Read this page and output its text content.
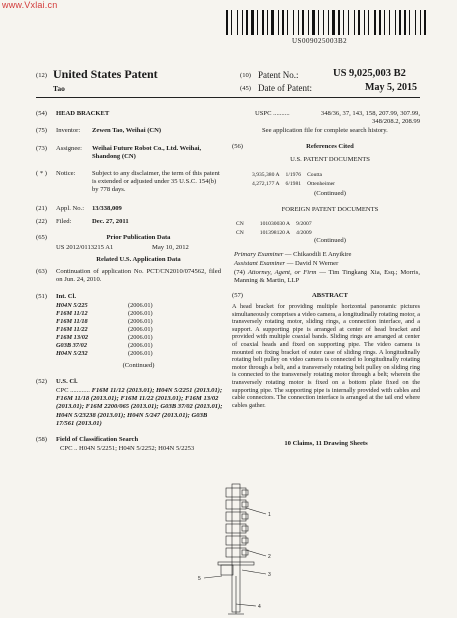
www.Vxlai.cn
US009025003B2
(12) United States Patent
Tao
(10) Patent No.:	US 9,025,003 B2
(45) Date of Patent:	May 5, 2015
(54) HEAD BRACKET
(75) Inventor: Zewen Tao, Weihai (CN)
(73) Assignee: Weihai Future Robot Co., Ltd. Weihai, Shandong (CN)
( * ) Notice:	Subject to any disclaimer, the term of this patent is extended or adjusted under 35 U.S.C. 154(b) by 778 days.
(21) Appl. No.: 13/338,009
(22) Filed:	Dec. 27, 2011
(65)	Prior Publication Data
US 2012/0113215 A1	May 10, 2012
Related U.S. Application Data
(63) Continuation of application No. PCT/CN2010/074562, filed on Jun. 24, 2010.
(51) Int. Cl.
H04N 5/225	(2006.01)
F16M 11/12	(2006.01)
F16M 11/18	(2006.01)
F16M 11/22	(2006.01)
F16M 13/02	(2006.01)
G03B 37/02	(2006.01)
H04N 5/232	(2006.01)
(Continued)
(52) U.S. Cl.
CPC ............ F16M 11/12 (2013.01); H04N 5/2251 (2013.01); F16M 11/18 (2013.01); F16M 11/22 (2013.01); F16M 13/02 (2013.01); F16M 2200/065 (2013.01); G03B 37/02 (2013.01); H04N 5/23238 (2013.01); H04N 5/247 (2013.01); G03B 17/561 (2013.01)
(58) Field of Classification Search
CPC .. H04N 5/2251; H04N 5/2252; H04N 5/2253
USPC ..........	348/36, 37, 143, 158, 207.99, 307.99, 348/208.2, 208.99
See application file for complete search history.
(56)	References Cited
U.S. PATENT DOCUMENTS
3,935,380 A	1/1976	Coutta
4,272,177 A	6/1981	Ottenheimer
(Continued)
FOREIGN PATENT DOCUMENTS
CN	101030030 A	9/2007
CN	101398120 A	4/2009
(Continued)
Primary Examiner — Chikaodili E Anyikire
Assistant Examiner — David N Werner
(74) Attorney, Agent, or Firm — Tim Tingkang Xia, Esq.; Morris, Manning & Martin, LLP
(57)	ABSTRACT
A head bracket for providing multiple horizontal panoramic pictures simultaneously comprises a video camera, a longitudinally rotating motor, a transversely rotating motor, sliding rings, a connection interface, and a support. A supporting pipe is arranged at center of head bracket and provided with multiple coaxial bands. Sliding rings are arranged at center of coaxial heads and fixed on supporting pipe. The video camera is mounted on fixing bracket of outer case of sliding rings. A longitudinally rotating belt pulley on video camera is connected to longitudinally rotating motor through a belt, and a transversely rotating belt pulley on sliding ring is connected to the transversely rotating motor through a belt; wherein the transversely rotating motor is fixed on a bottom plate fixed on the supporting pipe. The supporting pipe is internally provided with cables and cable connectors. The connection interface is arranged at the tail end where cables gather.
10 Claims, 11 Drawing Sheets
1
2
3
4
5
